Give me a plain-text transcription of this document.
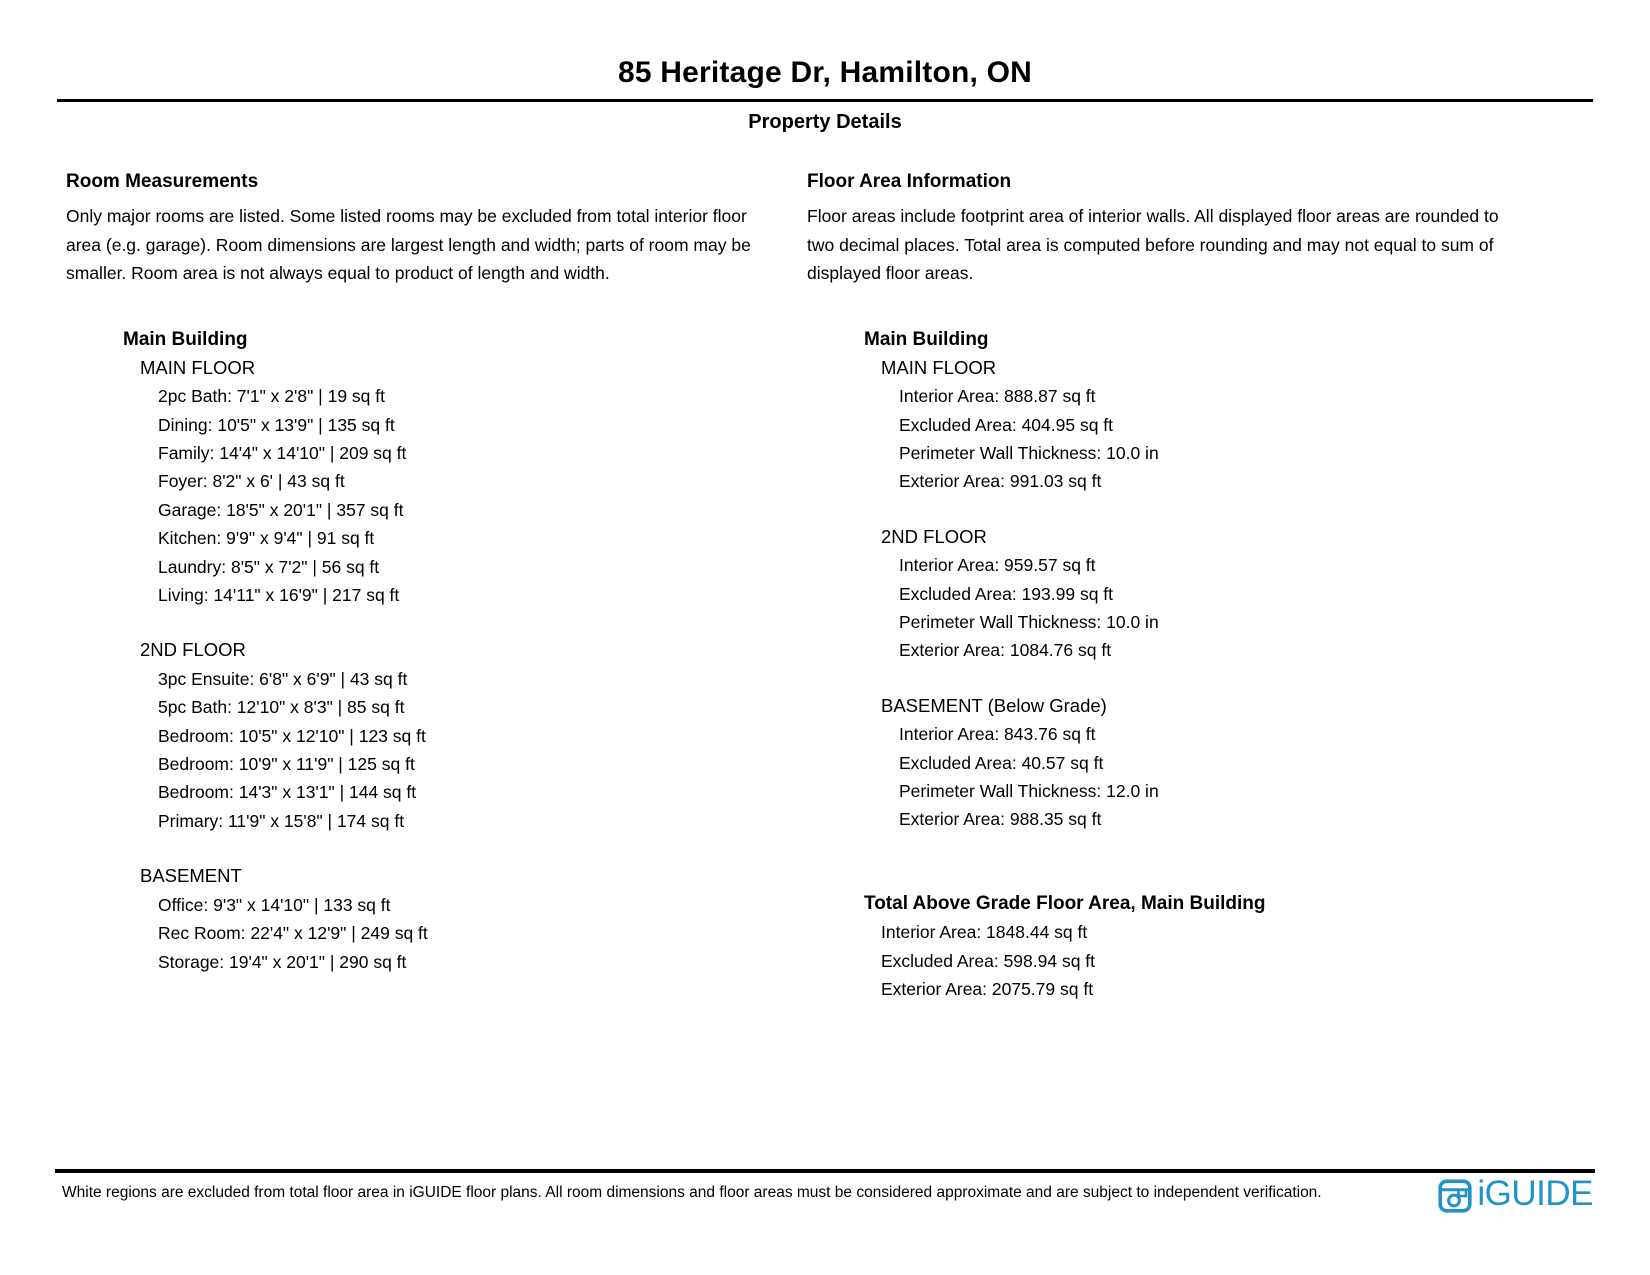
85 Heritage Dr, Hamilton, ON
Property Details
Room Measurements
Only major rooms are listed. Some listed rooms may be excluded from total interior floor area (e.g. garage). Room dimensions are largest length and width; parts of room may be smaller. Room area is not always equal to product of length and width.
Main Building
MAIN FLOOR
2pc Bath: 7'1" x 2'8" | 19 sq ft
Dining: 10'5" x 13'9" | 135 sq ft
Family: 14'4" x 14'10" | 209 sq ft
Foyer: 8'2" x 6' | 43 sq ft
Garage: 18'5" x 20'1" | 357 sq ft
Kitchen: 9'9" x 9'4" | 91 sq ft
Laundry: 8'5" x 7'2" | 56 sq ft
Living: 14'11" x 16'9" | 217 sq ft
2ND FLOOR
3pc Ensuite: 6'8" x 6'9" | 43 sq ft
5pc Bath: 12'10" x 8'3" | 85 sq ft
Bedroom: 10'5" x 12'10" | 123 sq ft
Bedroom: 10'9" x 11'9" | 125 sq ft
Bedroom: 14'3" x 13'1" | 144 sq ft
Primary: 11'9" x 15'8" | 174 sq ft
BASEMENT
Office: 9'3" x 14'10" | 133 sq ft
Rec Room: 22'4" x 12'9" | 249 sq ft
Storage: 19'4" x 20'1" | 290 sq ft
Floor Area Information
Floor areas include footprint area of interior walls. All displayed floor areas are rounded to two decimal places. Total area is computed before rounding and may not equal to sum of displayed floor areas.
Main Building
MAIN FLOOR
Interior Area: 888.87 sq ft
Excluded Area: 404.95 sq ft
Perimeter Wall Thickness: 10.0 in
Exterior Area: 991.03 sq ft
2ND FLOOR
Interior Area: 959.57 sq ft
Excluded Area: 193.99 sq ft
Perimeter Wall Thickness: 10.0 in
Exterior Area: 1084.76 sq ft
BASEMENT (Below Grade)
Interior Area: 843.76 sq ft
Excluded Area: 40.57 sq ft
Perimeter Wall Thickness: 12.0 in
Exterior Area: 988.35 sq ft
Total Above Grade Floor Area, Main Building
Interior Area: 1848.44 sq ft
Excluded Area: 598.94 sq ft
Exterior Area: 2075.79 sq ft
White regions are excluded from total floor area in iGUIDE floor plans. All room dimensions and floor areas must be considered approximate and are subject to independent verification.	iGUIDE
